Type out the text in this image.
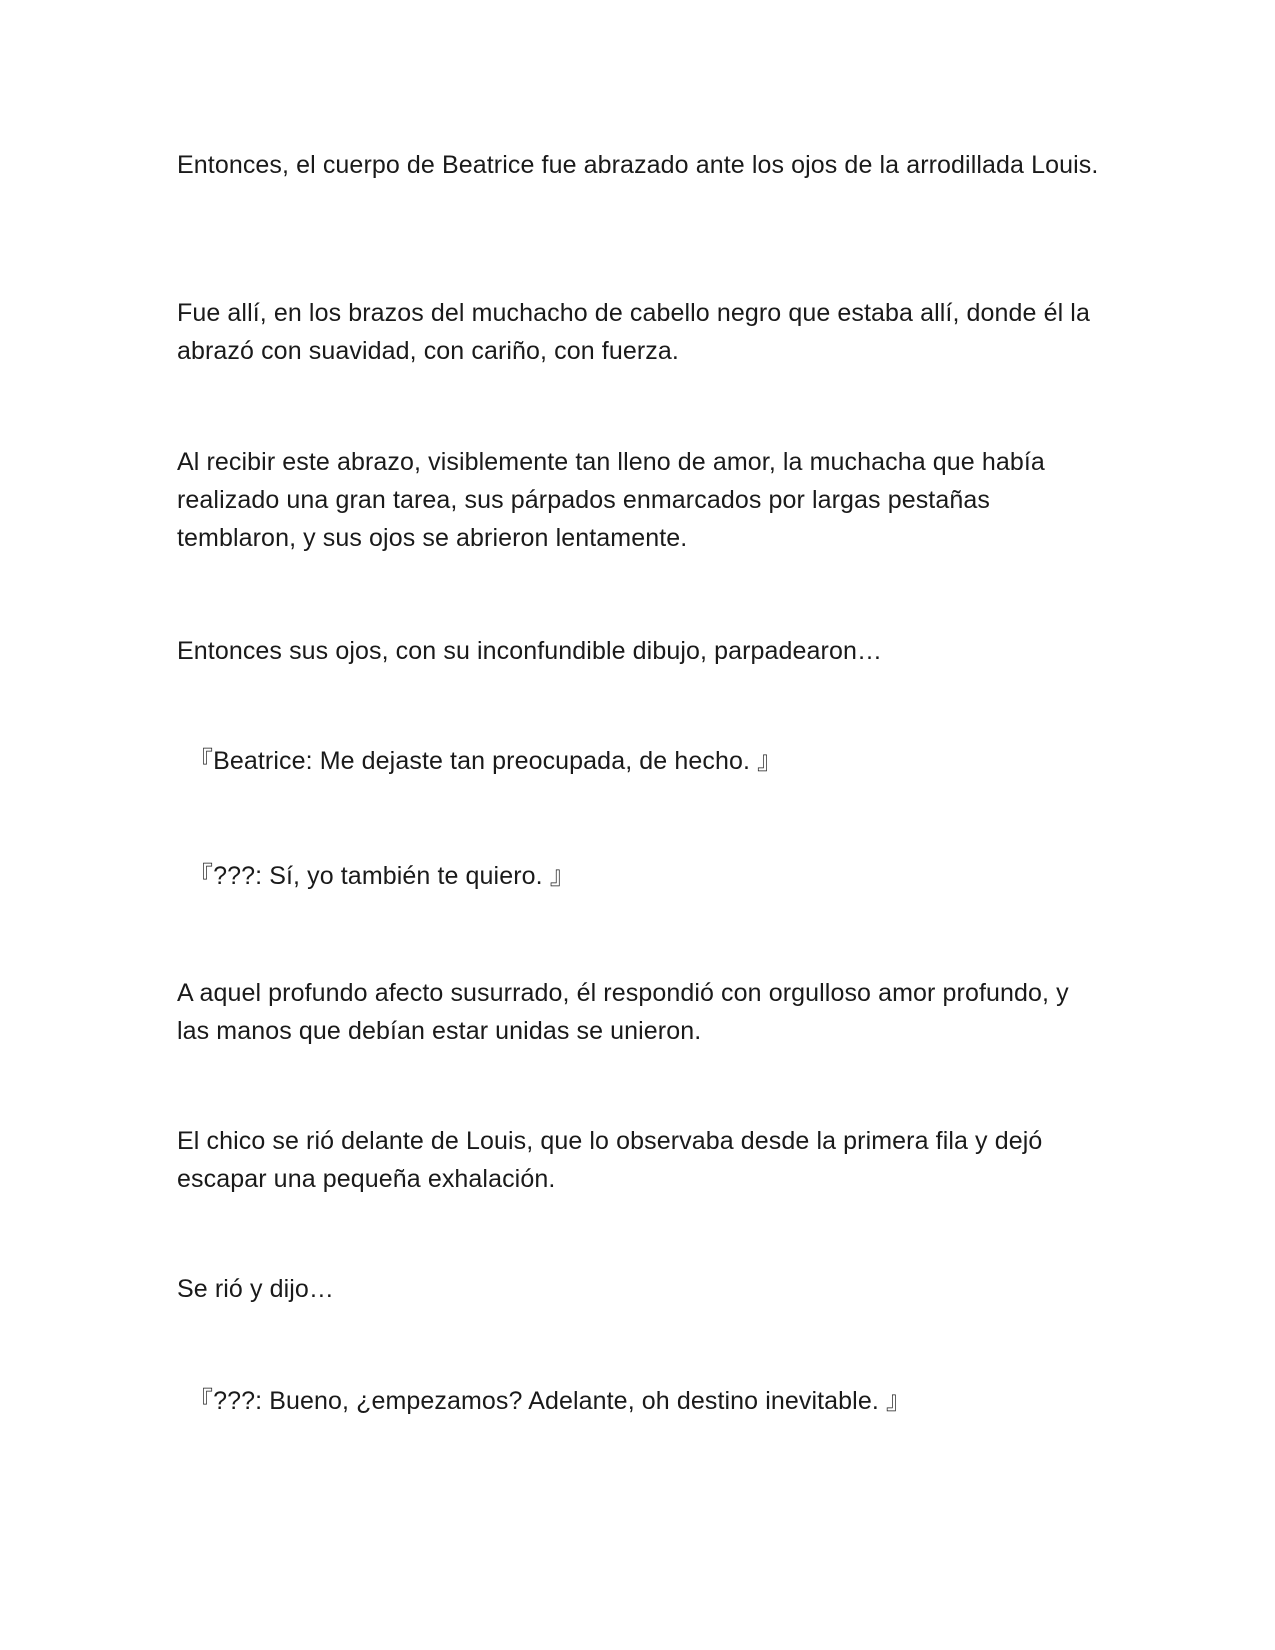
Entonces, el cuerpo de Beatrice fue abrazado ante los ojos de la arrodillada Louis.

Fue allí, en los brazos del muchacho de cabello negro que estaba allí, donde él la abrazó con suavidad, con cariño, con fuerza.

Al recibir este abrazo, visiblemente tan lleno de amor, la muchacha que había realizado una gran tarea, sus párpados enmarcados por largas pestañas temblaron, y sus ojos se abrieron lentamente.

Entonces sus ojos, con su inconfundible dibujo, parpadearon…

『Beatrice: Me dejaste tan preocupada, de hecho. 』

『???: Sí, yo también te quiero. 』

A aquel profundo afecto susurrado, él respondió con orgulloso amor profundo, y las manos que debían estar unidas se unieron.

El chico se rió delante de Louis, que lo observaba desde la primera fila y dejó escapar una pequeña exhalación.

Se rió y dijo…

『???: Bueno, ¿empezamos? Adelante, oh destino inevitable. 』
